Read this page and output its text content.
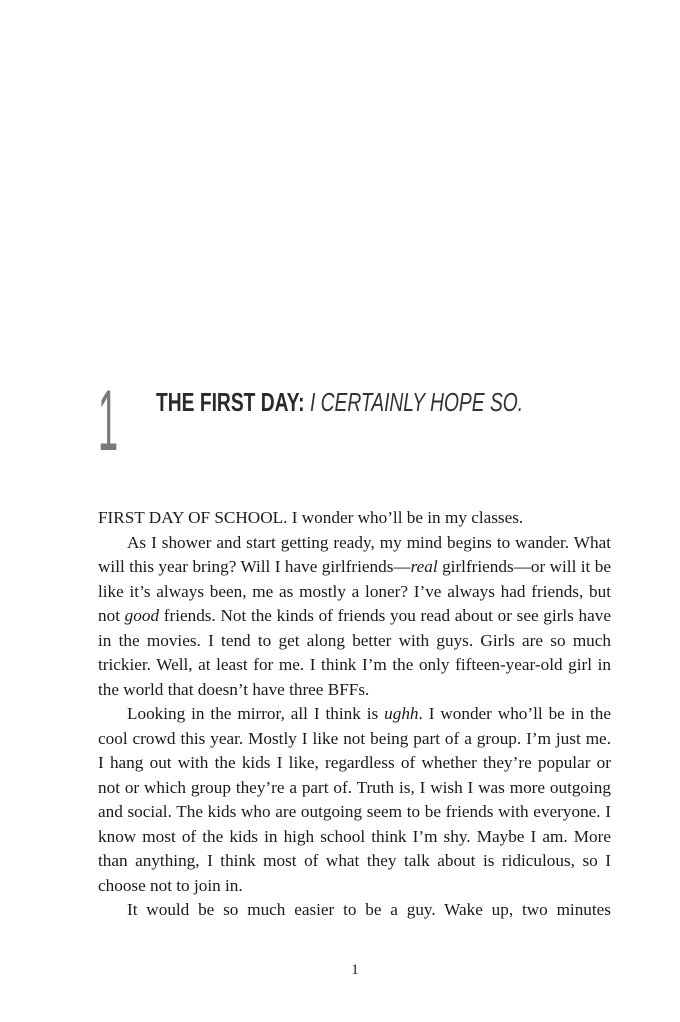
1 THE FIRST DAY: I CERTAINLY HOPE SO.

FIRST DAY OF SCHOOL. I wonder who’ll be in my classes.

As I shower and start getting ready, my mind begins to wander. What will this year bring? Will I have girlfriends—real girlfriends—or will it be like it’s always been, me as mostly a loner? I’ve always had friends, but not good friends. Not the kinds of friends you read about or see girls have in the movies. I tend to get along better with guys. Girls are so much trickier. Well, at least for me. I think I’m the only fifteen-year-old girl in the world that doesn’t have three BFFs.

Looking in the mirror, all I think is ughh. I wonder who’ll be in the cool crowd this year. Mostly I like not being part of a group. I’m just me. I hang out with the kids I like, regardless of whether they’re popular or not or which group they’re a part of. Truth is, I wish I was more outgoing and social. The kids who are outgoing seem to be friends with everyone. I know most of the kids in high school think I’m shy. Maybe I am. More than anything, I think most of what they talk about is ridiculous, so I choose not to join in.

It would be so much easier to be a guy. Wake up, two minutes

1
